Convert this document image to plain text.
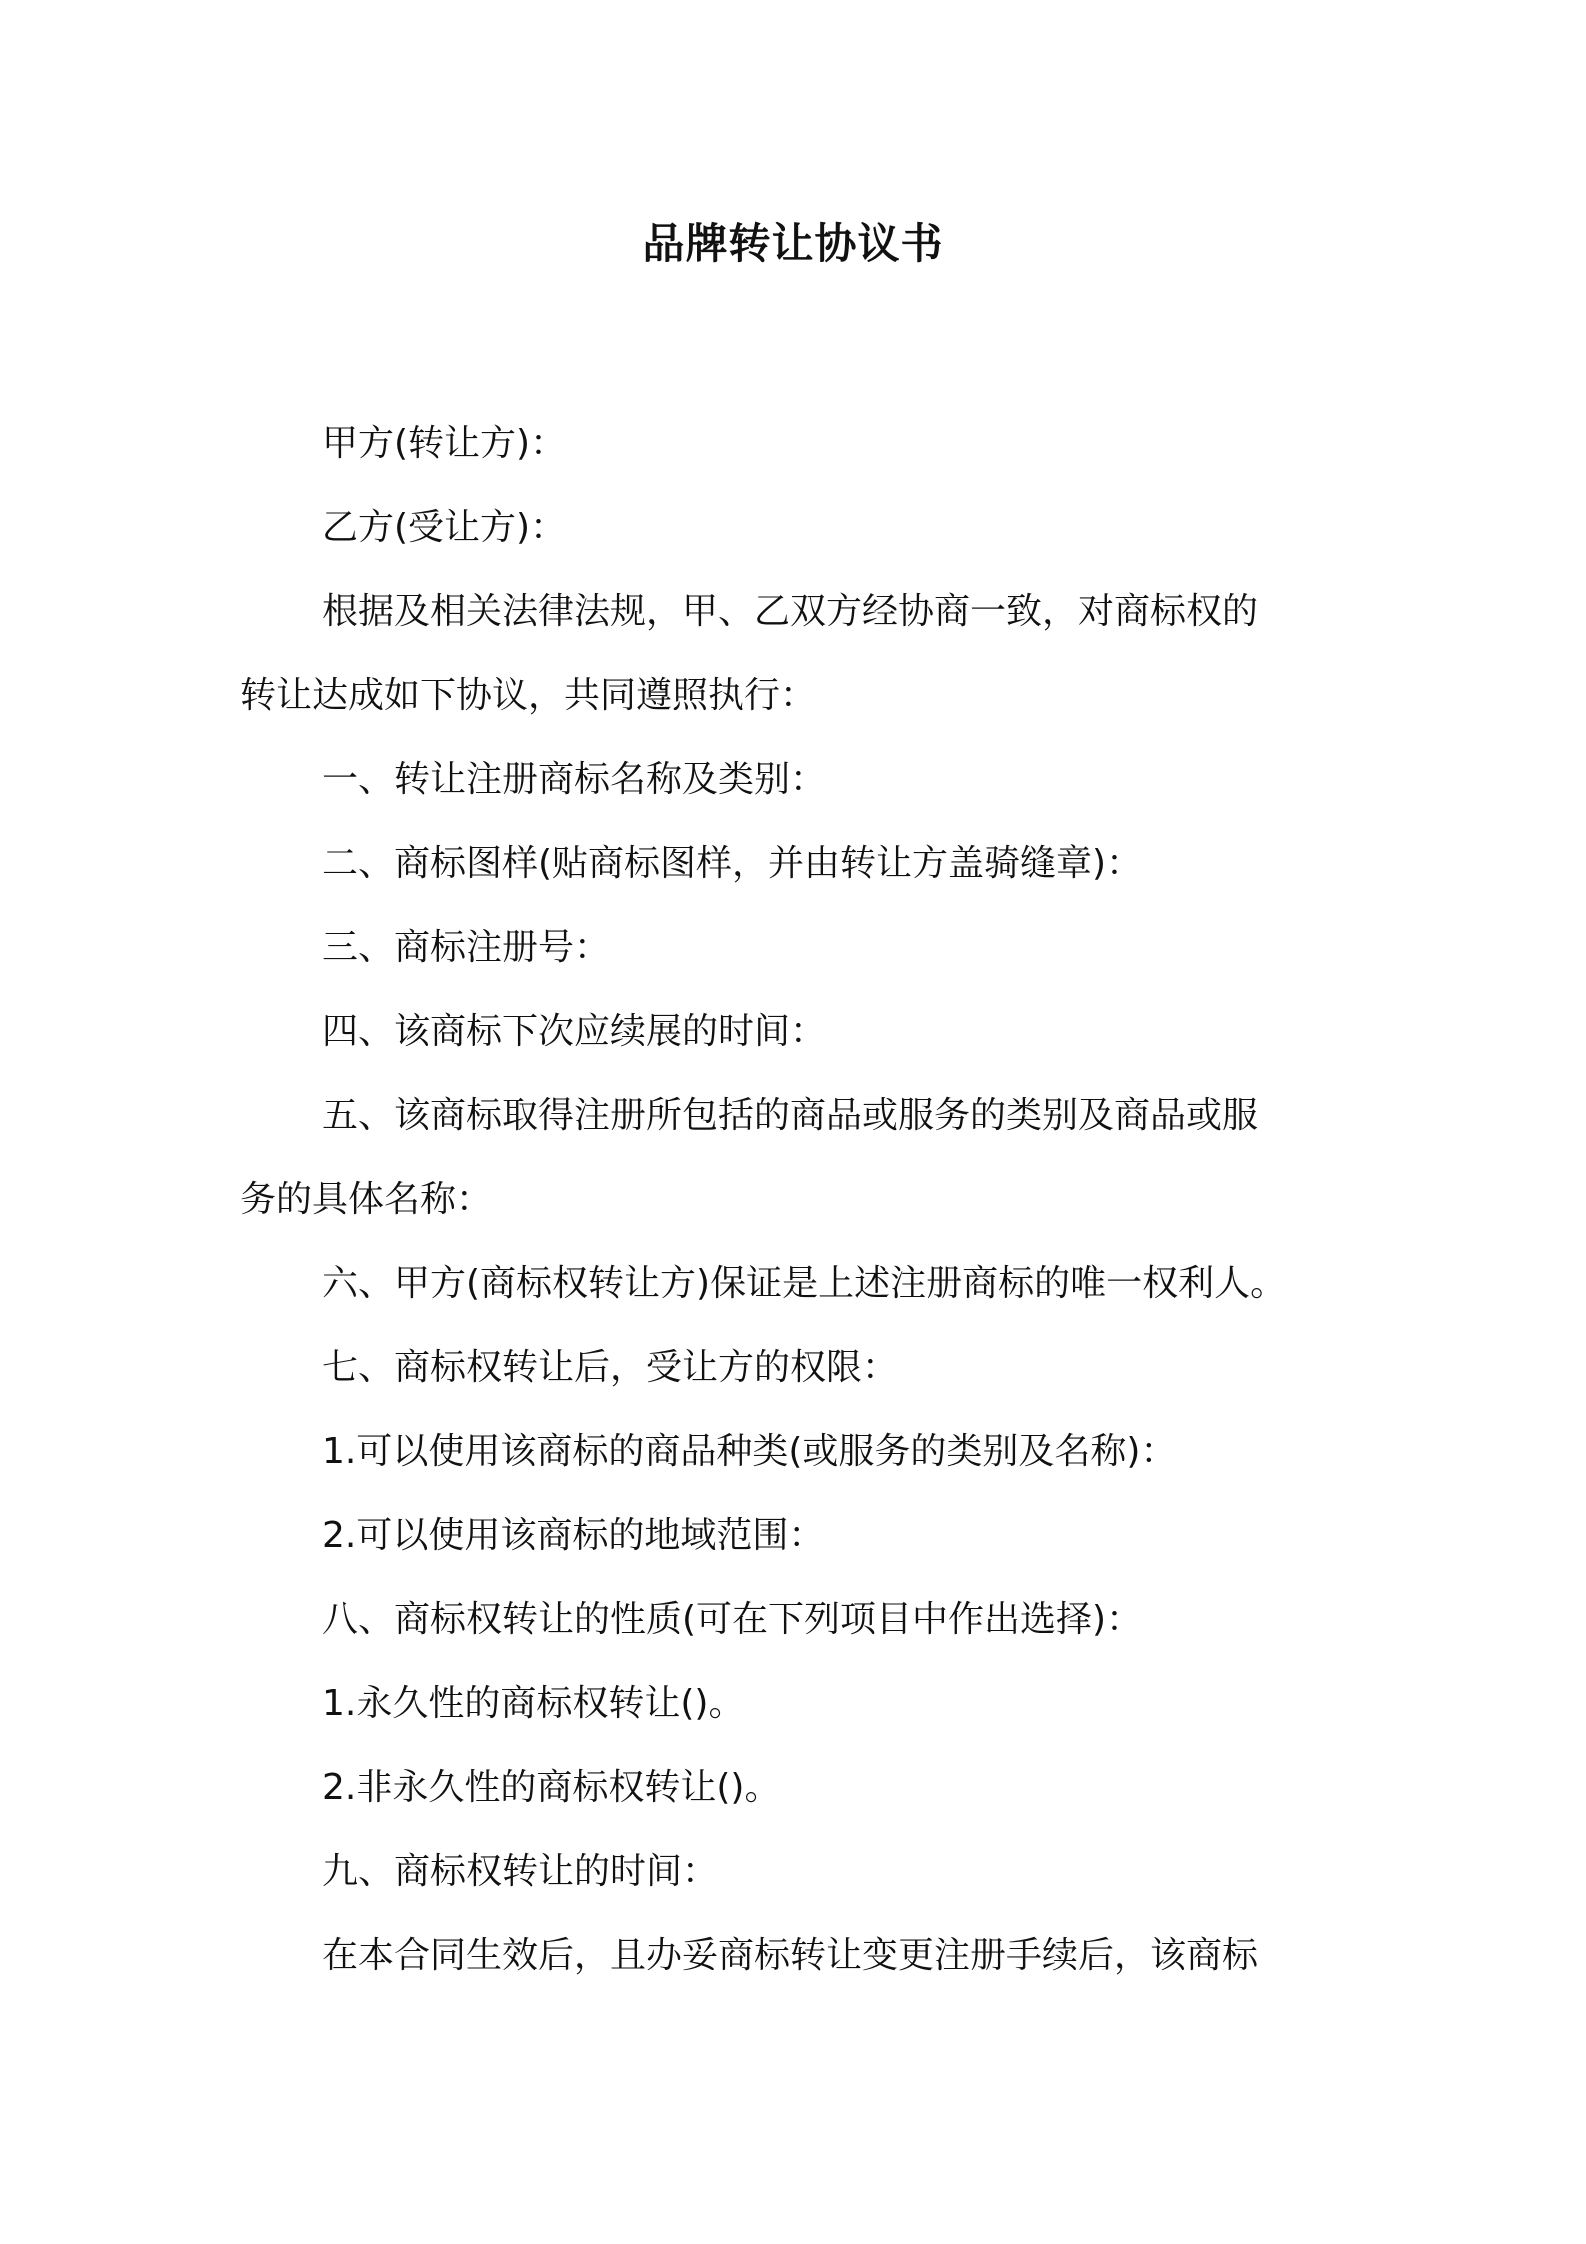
品牌转让协议书
甲方(转让方)：
乙方(受让方)：
根据及相关法律法规，甲、乙双方经协商一致，对商标权的
转让达成如下协议，共同遵照执行：
一、转让注册商标名称及类别：
二、商标图样(贴商标图样，并由转让方盖骑缝章)：
三、商标注册号：
四、该商标下次应续展的时间：
五、该商标取得注册所包括的商品或服务的类别及商品或服
务的具体名称：
六、甲方(商标权转让方)保证是上述注册商标的唯一权利人。
七、商标权转让后，受让方的权限：
1.可以使用该商标的商品种类(或服务的类别及名称)：
2.可以使用该商标的地域范围：
八、商标权转让的性质(可在下列项目中作出选择)：
1.永久性的商标权转让()。
2.非永久性的商标权转让()。
九、商标权转让的时间：
在本合同生效后，且办妥商标转让变更注册手续后，该商标
